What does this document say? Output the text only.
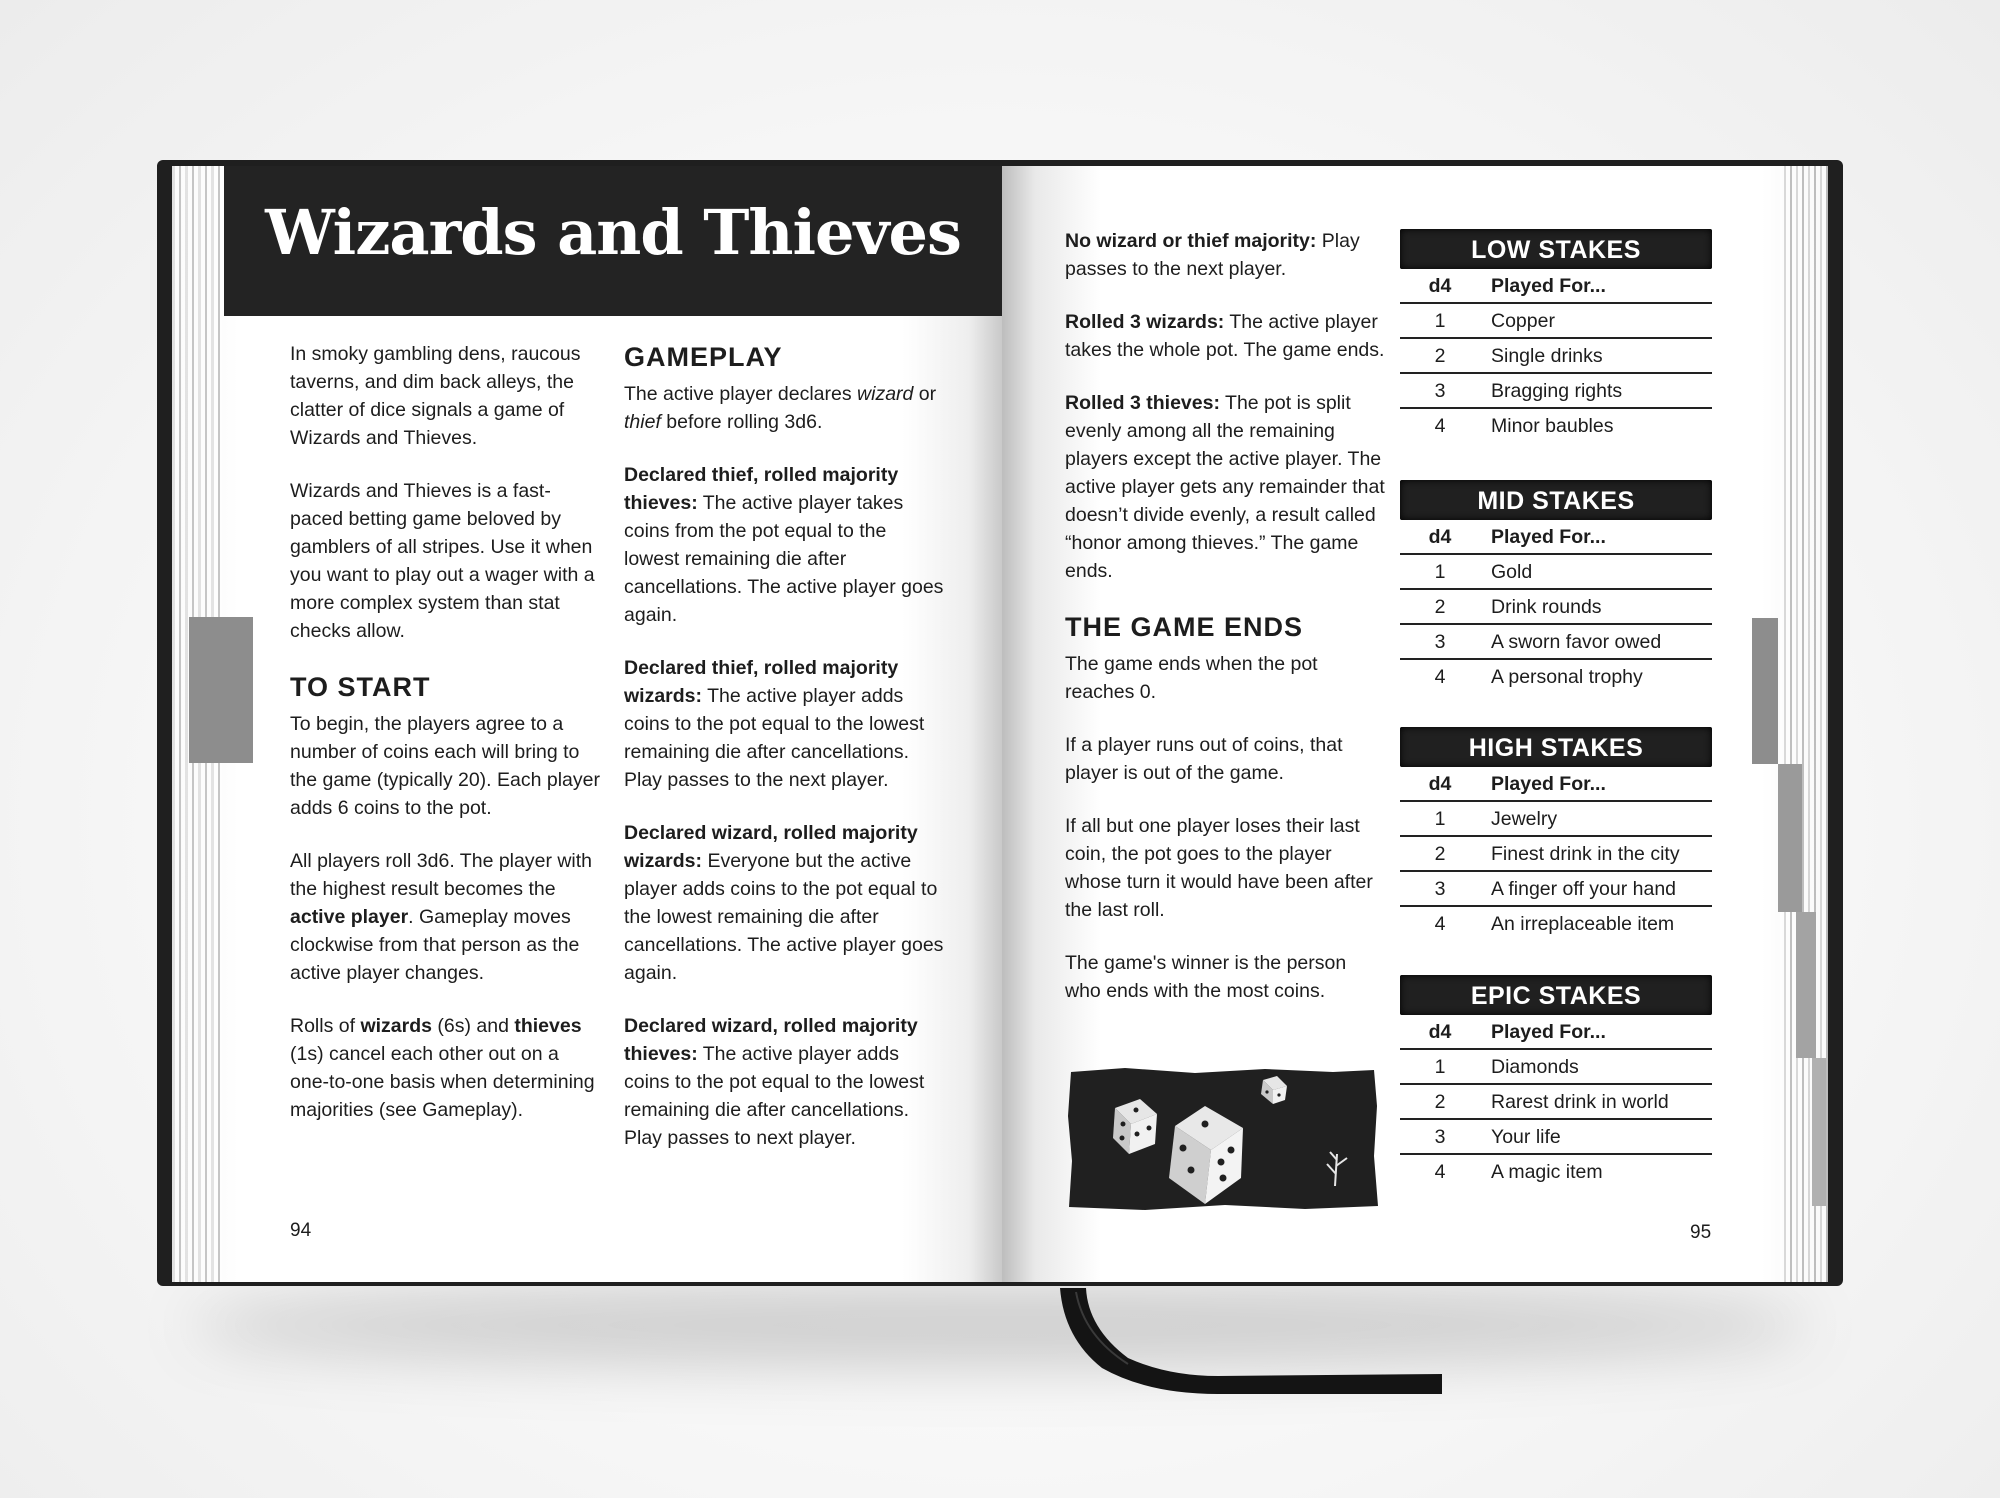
Wizards and Thieves

In smoky gambling dens, raucous taverns, and dim back alleys, the clatter of dice signals a game of Wizards and Thieves.

Wizards and Thieves is a fast-paced betting game beloved by gamblers of all stripes. Use it when you want to play out a wager with a more complex system than stat checks allow.

TO START

To begin, the players agree to a number of coins each will bring to the game (typically 20). Each player adds 6 coins to the pot.

All players roll 3d6. The player with the highest result becomes the active player. Gameplay moves clockwise from that person as the active player changes.

Rolls of wizards (6s) and thieves (1s) cancel each other out on a one-to-one basis when determining majorities (see Gameplay).

GAMEPLAY

The active player declares wizard or thief before rolling 3d6.

Declared thief, rolled majority thieves: The active player takes coins from the pot equal to the lowest remaining die after cancellations. The active player goes again.

Declared thief, rolled majority wizards: The active player adds coins to the pot equal to the lowest remaining die after cancellations. Play passes to the next player.

Declared wizard, rolled majority wizards: Everyone but the active player adds coins to the pot equal to the lowest remaining die after cancellations. The active player goes again.

Declared wizard, rolled majority thieves: The active player adds coins to the pot equal to the lowest remaining die after cancellations. Play passes to next player.

94

No wizard or thief majority: Play passes to the next player.

Rolled 3 wizards: The active player takes the whole pot. The game ends.

Rolled 3 thieves: The pot is split evenly among all the remaining players except the active player. The active player gets any remainder that doesn’t divide evenly, a result called “honor among thieves.” The game ends.

THE GAME ENDS

The game ends when the pot reaches 0.

If a player runs out of coins, that player is out of the game.

If all but one player loses their last coin, the pot goes to the player whose turn it would have been after the last roll.

The game's winner is the person who ends with the most coins.

LOW STAKES
d4	Played For...
1	Copper
2	Single drinks
3	Bragging rights
4	Minor baubles
MID STAKES
d4	Played For...
1	Gold
2	Drink rounds
3	A sworn favor owed
4	A personal trophy
HIGH STAKES
d4	Played For...
1	Jewelry
2	Finest drink in the city
3	A finger off your hand
4	An irreplaceable item
EPIC STAKES
d4	Played For...
1	Diamonds
2	Rarest drink in world
3	Your life
4	A magic item
95
